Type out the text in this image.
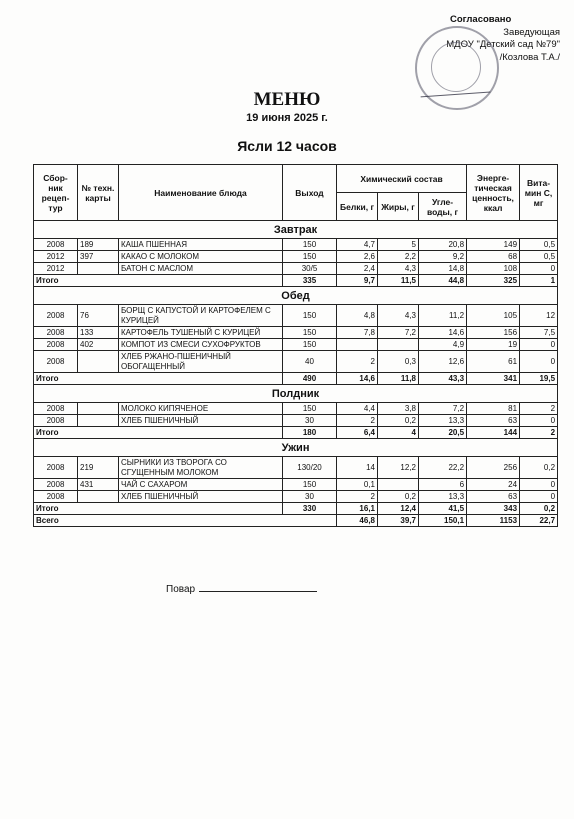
Согласовано
Заведующая
МДОУ "Детский сад №79"
/Козлова Т.А./
МЕНЮ
19 июня 2025 г.
Ясли 12 часов
Сбор-ник рецеп-тур	№ техн. карты	Наименование блюда	Выход	Химический состав			Энерге-тическая ценность, ккал	Вита-мин С, мг
				Белки, г	Жиры, г	Угле-воды, г		
Завтрак								
2008	189	КАША ПШЕННАЯ	150	4,7	5	20,8	149	0,5
2012	397	КАКАО С МОЛОКОМ	150	2,6	2,2	9,2	68	0,5
2012		БАТОН С МАСЛОМ	30/5	2,4	4,3	14,8	108	0
Итого			335	9,7	11,5	44,8	325	1
Обед								
2008	76	БОРЩ С КАПУСТОЙ И КАРТОФЕЛЕМ С КУРИЦЕЙ	150	4,8	4,3	11,2	105	12
2008	133	КАРТОФЕЛЬ ТУШЕНЫЙ С КУРИЦЕЙ	150	7,8	7,2	14,6	156	7,5
2008	402	КОМПОТ ИЗ СМЕСИ СУХОФРУКТОВ	150			4,9	19	0
2008		ХЛЕБ РЖАНО-ПШЕНИЧНЫЙ ОБОГАЩЕННЫЙ	40	2	0,3	12,6	61	0
Итого			490	14,6	11,8	43,3	341	19,5
Полдник								
2008		МОЛОКО КИПЯЧЕНОЕ	150	4,4	3,8	7,2	81	2
2008		ХЛЕБ ПШЕНИЧНЫЙ	30	2	0,2	13,3	63	0
Итого			180	6,4	4	20,5	144	2
Ужин								
2008	219	СЫРНИКИ ИЗ ТВОРОГА СО СГУЩЕННЫМ МОЛОКОМ	130/20	14	12,2	22,2	256	0,2
2008	431	ЧАЙ С САХАРОМ	150	0,1		6	24	0
2008		ХЛЕБ ПШЕНИЧНЫЙ	30	2	0,2	13,3	63	0
Итого			330	16,1	12,4	41,5	343	0,2
Всего				46,8	39,7	150,1	1153	22,7
Повар
